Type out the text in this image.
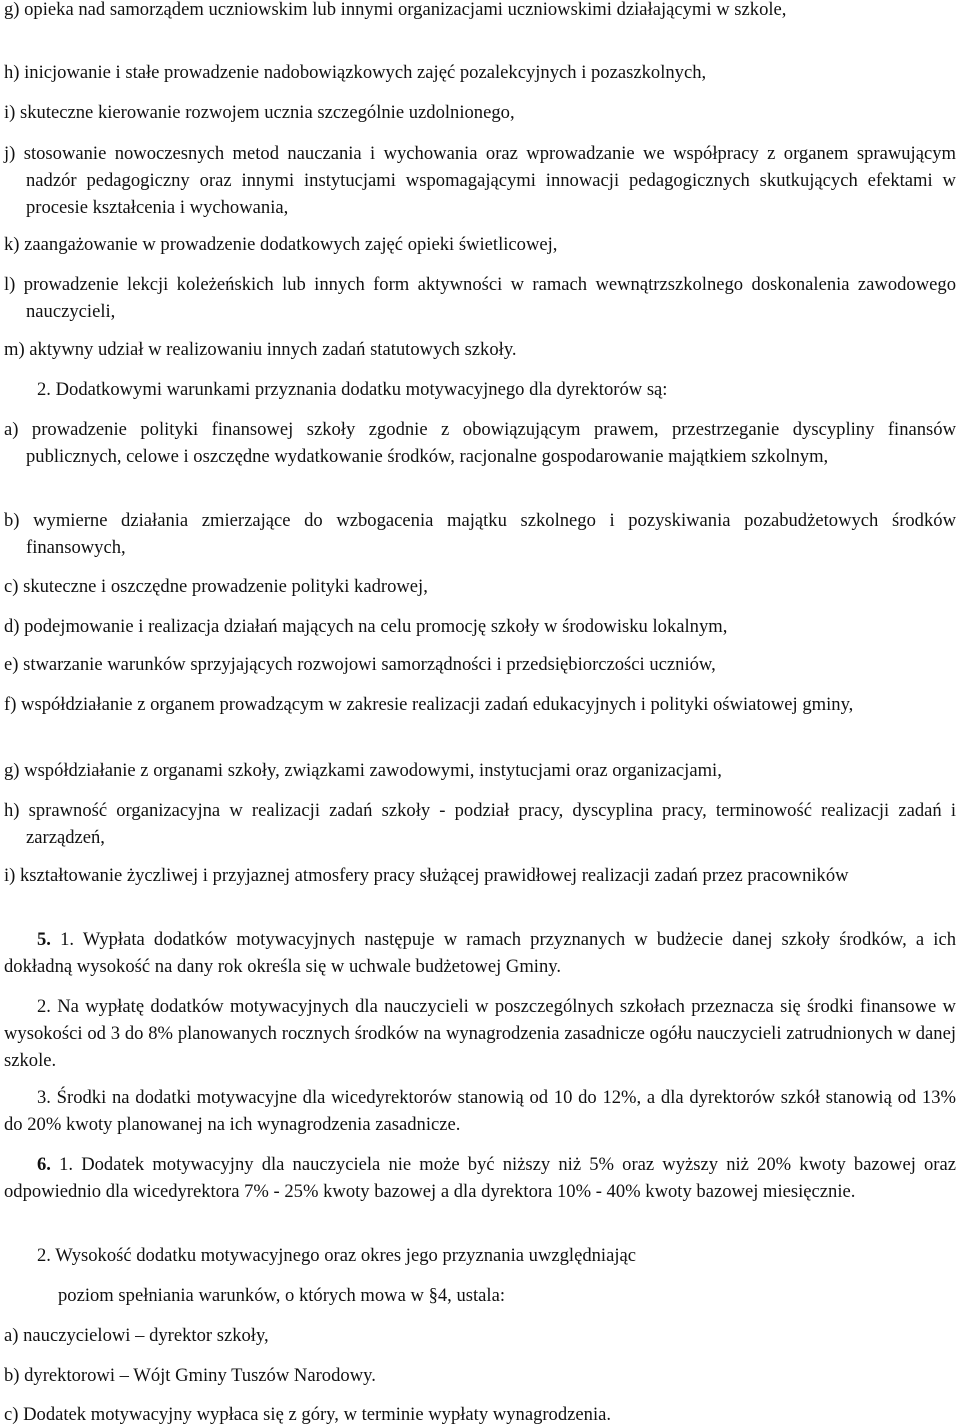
g) opieka nad samorządem uczniowskim lub innymi organizacjami uczniowskimi działającymi w szkole,

h) inicjowanie i stałe prowadzenie nadobowiązkowych zajęć pozalekcyjnych i pozaszkolnych,

i) skuteczne kierowanie rozwojem ucznia szczególnie uzdolnionego,

j) stosowanie nowoczesnych metod nauczania i wychowania oraz wprowadzanie we współpracy z organem sprawującym nadzór pedagogiczny oraz innymi instytucjami wspomagającymi innowacji pedagogicznych skutkujących efektami w procesie kształcenia i wychowania,

k) zaangażowanie w prowadzenie dodatkowych zajęć opieki świetlicowej,

l) prowadzenie lekcji koleżeńskich lub innych form aktywności w ramach wewnątrzszkolnego doskonalenia zawodowego nauczycieli,

m) aktywny udział w realizowaniu innych zadań statutowych szkoły.

2. Dodatkowymi warunkami przyznania dodatku motywacyjnego dla dyrektorów są:

a) prowadzenie polityki finansowej szkoły zgodnie z obowiązującym prawem, przestrzeganie dyscypliny finansów publicznych, celowe i oszczędne wydatkowanie środków, racjonalne gospodarowanie majątkiem szkolnym,

b) wymierne działania zmierzające do wzbogacenia majątku szkolnego i pozyskiwania pozabudżetowych środków finansowych,

c) skuteczne i oszczędne prowadzenie polityki kadrowej,

d) podejmowanie i realizacja działań mających na celu promocję szkoły w środowisku lokalnym,

e) stwarzanie warunków sprzyjających rozwojowi samorządności i przedsiębiorczości uczniów,

f) współdziałanie z organem prowadzącym w zakresie realizacji zadań edukacyjnych i polityki oświatowej gminy,

g) współdziałanie z organami szkoły, związkami zawodowymi, instytucjami oraz organizacjami,

h) sprawność organizacyjna w realizacji zadań szkoły - podział pracy, dyscyplina pracy, terminowość realizacji zadań i zarządzeń,

i) kształtowanie życzliwej i przyjaznej atmosfery pracy służącej prawidłowej realizacji zadań przez pracowników

5. 1. Wypłata dodatków motywacyjnych następuje w ramach przyznanych w budżecie danej szkoły środków, a ich dokładną wysokość na dany rok określa się w uchwale budżetowej Gminy.

2. Na wypłatę dodatków motywacyjnych dla nauczycieli w poszczególnych szkołach przeznacza się środki finansowe w wysokości od 3 do 8% planowanych rocznych środków na wynagrodzenia zasadnicze ogółu nauczycieli zatrudnionych w danej szkole.

3. Środki na dodatki motywacyjne dla wicedyrektorów stanowią od 10 do 12%, a dla dyrektorów szkół stanowią od 13% do 20% kwoty planowanej na ich wynagrodzenia zasadnicze.

6. 1. Dodatek motywacyjny dla nauczyciela nie może być niższy niż 5% oraz wyższy niż 20% kwoty bazowej oraz odpowiednio dla wicedyrektora 7% - 25% kwoty bazowej a dla dyrektora 10% - 40% kwoty bazowej miesięcznie.

2. Wysokość dodatku motywacyjnego oraz okres jego przyznania uwzględniając

poziom spełniania warunków, o których mowa w §4, ustala:

a) nauczycielowi – dyrektor szkoły,

b) dyrektorowi – Wójt Gminy Tuszów Narodowy.

c) Dodatek motywacyjny wypłaca się z góry, w terminie wypłaty wynagrodzenia.
